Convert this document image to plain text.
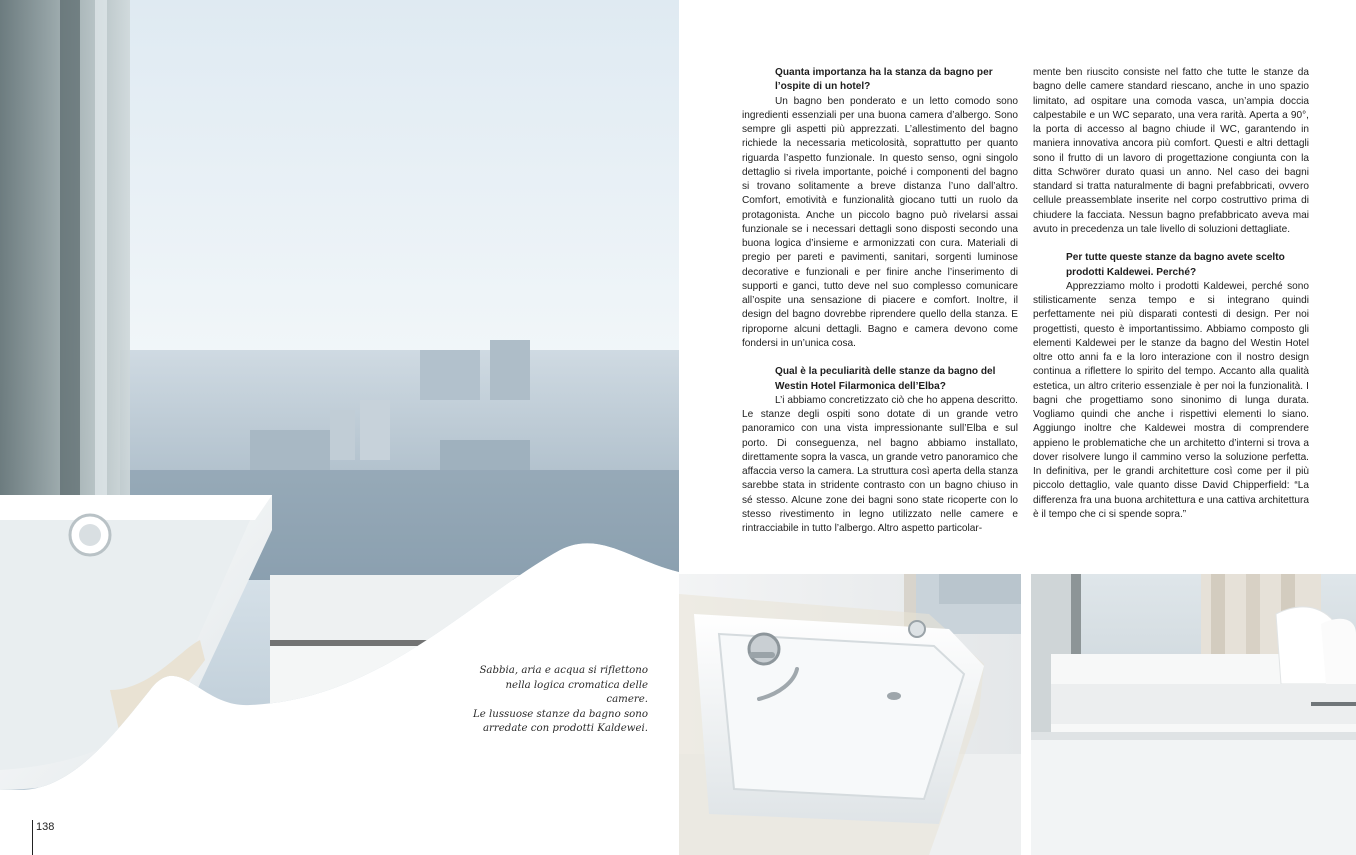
Sabbia, aria e acqua si riflettono
nella logica cromatica delle camere.
Le lussuose stanze da bagno sono
arredate con prodotti Kaldewei.
138

Quanta importanza ha la stanza da bagno per l’ospite di un hotel?

Un bagno ben ponderato e un letto comodo sono ingredienti essenziali per una buona camera d’albergo. Sono sempre gli aspetti più apprezzati. L’allestimento del bagno richiede la necessaria meticolosità, soprattutto per quanto riguarda l’aspetto funzionale. In questo senso, ogni singolo dettaglio si rivela importante, poiché i componenti del bagno si trovano solitamente a breve distanza l’uno dall’altro. Comfort, emotività e funzionalità giocano tutti un ruolo da protagonista. Anche un piccolo bagno può rivelarsi assai funzionale se i necessari dettagli sono disposti secondo una buona logica d’insieme e armonizzati con cura. Materiali di pregio per pareti e pavimenti, sanitari, sorgenti luminose decorative e funzionali e per finire anche l’inserimento di supporti e ganci, tutto deve nel suo complesso comunicare all’ospite una sensazione di piacere e comfort. Inoltre, il design del bagno dovrebbe riprendere quello della stanza. E riproporne alcuni dettagli. Bagno e camera devono come fondersi in un’unica cosa.

Qual è la peculiarità delle stanze da bagno del Westin Hotel Filarmonica dell’Elba?

L’i abbiamo concretizzato ciò che ho appena descritto. Le stanze degli ospiti sono dotate di un grande vetro panoramico con una vista impressionante sull’Elba e sul porto. Di conseguenza, nel bagno abbiamo installato, direttamente sopra la vasca, un grande vetro panoramico che affaccia verso la camera. La struttura così aperta della stanza sarebbe stata in stridente contrasto con un bagno chiuso in sé stesso. Alcune zone dei bagni sono state ricoperte con lo stesso rivestimento in legno utilizzato nelle camere e rintracciabile in tutto l’albergo. Altro aspetto particolar-

mente ben riuscito consiste nel fatto che tutte le stanze da bagno delle camere standard riescano, anche in uno spazio limitato, ad ospitare una comoda vasca, un’ampia doccia calpestabile e un WC separato, una vera rarità. Aperta a 90°, la porta di accesso al bagno chiude il WC, garantendo in maniera innovativa ancora più comfort. Questi e altri dettagli sono il frutto di un lavoro di progettazione congiunta con la ditta Schwörer durato quasi un anno. Nel caso dei bagni standard si tratta naturalmente di bagni prefabbricati, ovvero cellule preassemblate inserite nel corpo costruttivo prima di chiudere la facciata. Nessun bagno prefabbricato aveva mai avuto in precedenza un tale livello di soluzioni dettagliate.

Per tutte queste stanze da bagno avete scelto prodotti Kaldewei. Perché?

Apprezziamo molto i prodotti Kaldewei, perché sono stilisticamente senza tempo e si integrano quindi perfettamente nei più disparati contesti di design. Per noi progettisti, questo è importantissimo. Abbiamo composto gli elementi Kaldewei per le stanze da bagno del Westin Hotel oltre otto anni fa e la loro interazione con il nostro design continua a riflettere lo spirito del tempo. Accanto alla qualità estetica, un altro criterio essenziale è per noi la funzionalità. I bagni che progettiamo sono sinonimo di lunga durata. Vogliamo quindi che anche i rispettivi elementi lo siano. Aggiungo inoltre che Kaldewei mostra di comprendere appieno le problematiche che un architetto d’interni si trova a dover risolvere lungo il cammino verso la soluzione perfetta. In definitiva, per le grandi architetture così come per il più piccolo dettaglio, vale quanto disse David Chipperfield: “La differenza fra una buona architettura e una cattiva architettura è il tempo che ci si spende sopra.”
